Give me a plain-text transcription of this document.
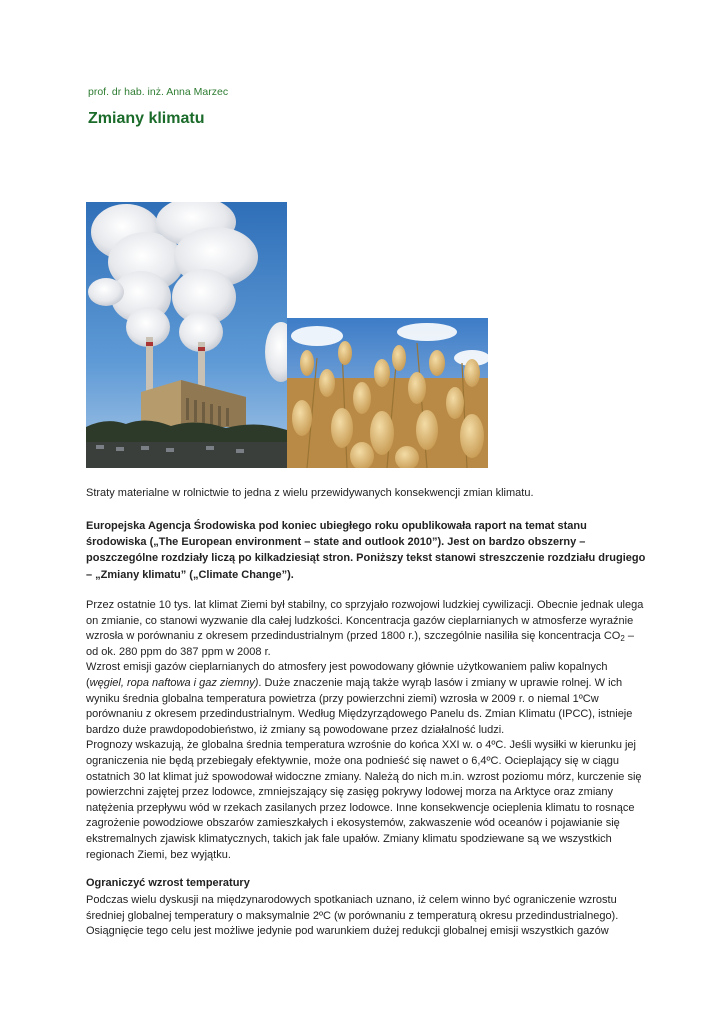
prof. dr hab. inż. Anna Marzec
Zmiany klimatu

Straty materialne w rolnictwie to jedna z wielu przewidywanych konsekwencji zmian klimatu.

Europejska Agencja Środowiska pod koniec ubiegłego roku opublikowała raport na temat stanu środowiska („The European environment – state and outlook 2010”). Jest on bardzo obszerny – poszczególne rozdziały liczą po kilkadziesiąt stron. Poniższy tekst stanowi streszczenie rozdziału drugiego – „Zmiany klimatu” („Climate Change”).

Przez ostatnie 10 tys. lat klimat Ziemi był stabilny, co sprzyjało rozwojowi ludzkiej cywilizacji. Obecnie jednak ulega on zmianie, co stanowi wyzwanie dla całej ludzkości. Koncentracja gazów cieplarnianych w atmosferze wyraźnie wzrosła w porównaniu z okresem przedindustrialnym (przed 1800 r.), szczególnie nasiliła się koncentracja $CO_2$ – od ok. 280 ppm do 387 ppm w 2008 r.

Wzrost emisji gazów cieplarnianych do atmosfery jest powodowany głównie użytkowaniem paliw kopalnych (węgiel, ropa naftowa i gaz ziemny). Duże znaczenie mają także wyrąb lasów i zmiany w uprawie rolnej. W ich wyniku średnia globalna temperatura powietrza (przy powierzchni ziemi) wzrosła w 2009 r. o niemal 1ºCw porównaniu z okresem przedindustrialnym. Według Międzyrządowego Panelu ds. Zmian Klimatu (IPCC), istnieje bardzo duże prawdopodobieństwo, iż zmiany są powodowane przez działalność ludzi.

Prognozy wskazują, że globalna średnia temperatura wzrośnie do końca XXI w. o 4ºC. Jeśli wysiłki w kierunku jej ograniczenia nie będą przebiegały efektywnie, może ona podnieść się nawet o 6,4ºC. Ocieplający się w ciągu ostatnich 30 lat klimat już spowodował widoczne zmiany. Należą do nich m.in. wzrost poziomu mórz, kurczenie się powierzchni zajętej przez lodowce, zmniejszający się zasięg pokrywy lodowej morza na Arktyce oraz zmiany natężenia przepływu wód w rzekach zasilanych przez lodowce. Inne konsekwencje ocieplenia klimatu to rosnące zagrożenie powodziowe obszarów zamieszkałych i ekosystemów, zakwaszenie wód oceanów i pojawianie się ekstremalnych zjawisk klimatycznych, takich jak fale upałów. Zmiany klimatu spodziewane są we wszystkich regionach Ziemi, bez wyjątku.

Ograniczyć wzrost temperatury

Podczas wielu dyskusji na międzynarodowych spotkaniach uznano, iż celem winno być ograniczenie wzrostu średniej globalnej temperatury o maksymalnie 2ºC (w porównaniu z temperaturą okresu przedindustrialnego). Osiągnięcie tego celu jest możliwe jedynie pod warunkiem dużej redukcji globalnej emisji wszystkich gazów
